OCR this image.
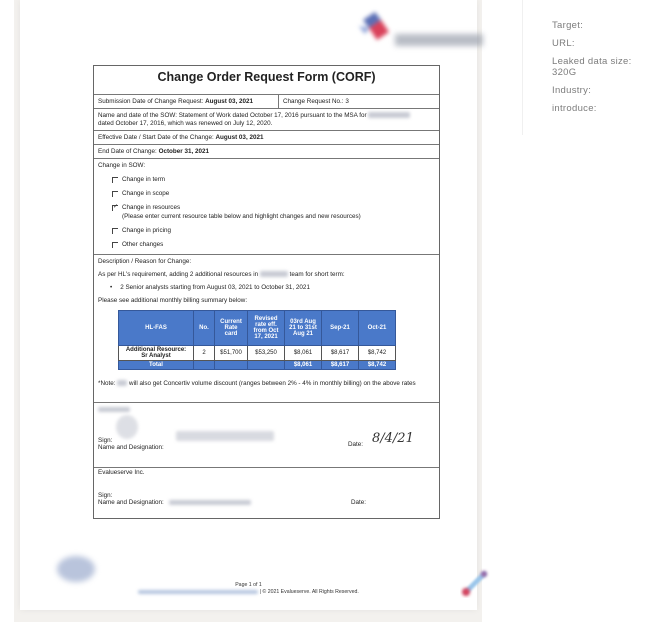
Page 1 of 1
| © 2021 Evalueserve. All Rights Reserved.
Change Order Request Form (CORF)
Submission Date of Change Request: August 03, 2021	Change Request No.: 3
Name and date of the SOW: Statement of Work dated October 17, 2016 pursuant to the MSA for
dated October 17, 2016, which was renewed on July 12, 2020.
Effective Date / Start Date of the Change: August 03, 2021
End Date of Change: October 31, 2021
Change in SOW:
Change in term
Change in scope
✓
Change in resources
(Please enter current resource table below and highlight changes and new resources)
Change in pricing
Other changes
Description / Reason for Change:
As per HL's requirement, adding 2 additional resources in	team for short term:
• 2 Senior analysts starting from August 03, 2021 to October 31, 2021
Please see additional monthly billing summary below:
HL-FAS	No.	Current Rate card	Revised rate eff. from Oct 17, 2021	03rd Aug 21 to 31st Aug 21	Sep-21	Oct-21
Additional Resource: Sr Analyst	2	$51,700	$53,250	$8,061	$8,617	$8,742
Total				$8,061	$8,617	$8,742
*Note: will also get Concertiv volume discount (ranges between 2% - 4% in monthly billing) on the above rates
Sign:
Name and Designation:	Date: 8/4/21
Evalueserve Inc.
Sign:
Name and Designation:	Date:
Target:
URL:
Leaked data size:
320G
Industry:
introduce:
